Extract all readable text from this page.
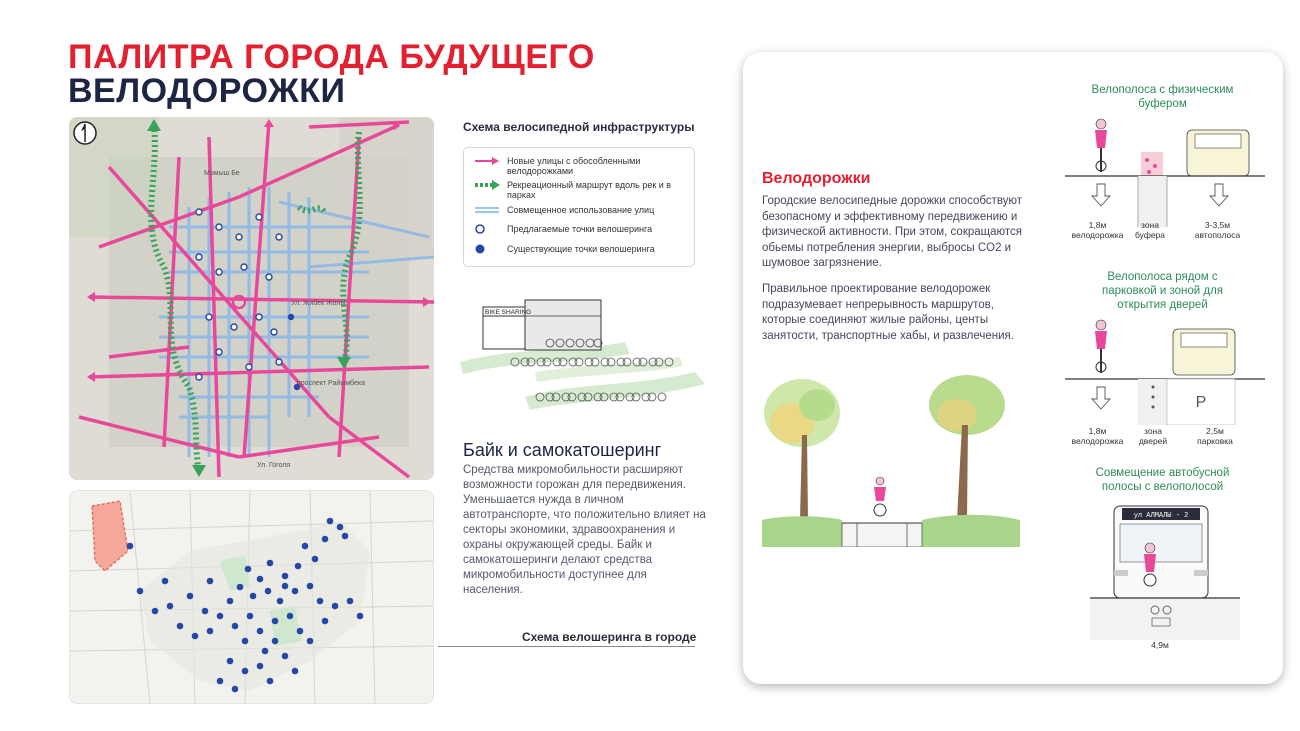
ПАЛИТРА ГОРОДА БУДУЩЕГО
ВЕЛОДОРОЖКИ
Момыш Бе
Ул. Жибек Жолы
проспект Райымбека
Ул. Гоголя
Схема велосипедной инфраструктуры
Новые улицы с обособленными велодорожками
Рекреационный маршрут вдоль рек и в парках
Совмещенное использование улиц
Предлагаемые точки велошеринга
Существующие точки велошеринга
BIKE SHARING
Байк и самокатошеринг
Средства микромобильности расширяют возможности горожан для передвижения. Уменьшается нужда в личном автотранспорте, что положительно влияет на секторы экономики, здравоохранения и охраны окружающей среды. Байк и самокатошеринги делают средства микромобильности доступнее для населения.
Схема велошеринга в городе
Велодорожки
Городские велосипедные дорожки способствуют безопасному и эффективному передвижению и физической активности. При этом, сокращаются обьемы потребления энергии, выбросы CO2 и шумовое загрязнение.
Правильное проектирование велодорожек подразумевает непрерывность маршрутов, которые соединяют жилые районы, центы занятости, транспортные хабы, и развлечения.
Велополоса с физическим буфером
1,8м велодорожка
зона буфера
3-3,5м автополоса
Велополоса рядом с парковкой и зоной для открытия дверей
P
1,8м велодорожка
зона дверей
2,5м парковка
Совмещение автобусной полосы с велополосой
ул АЛМАЛЫ - 2
4,9м
